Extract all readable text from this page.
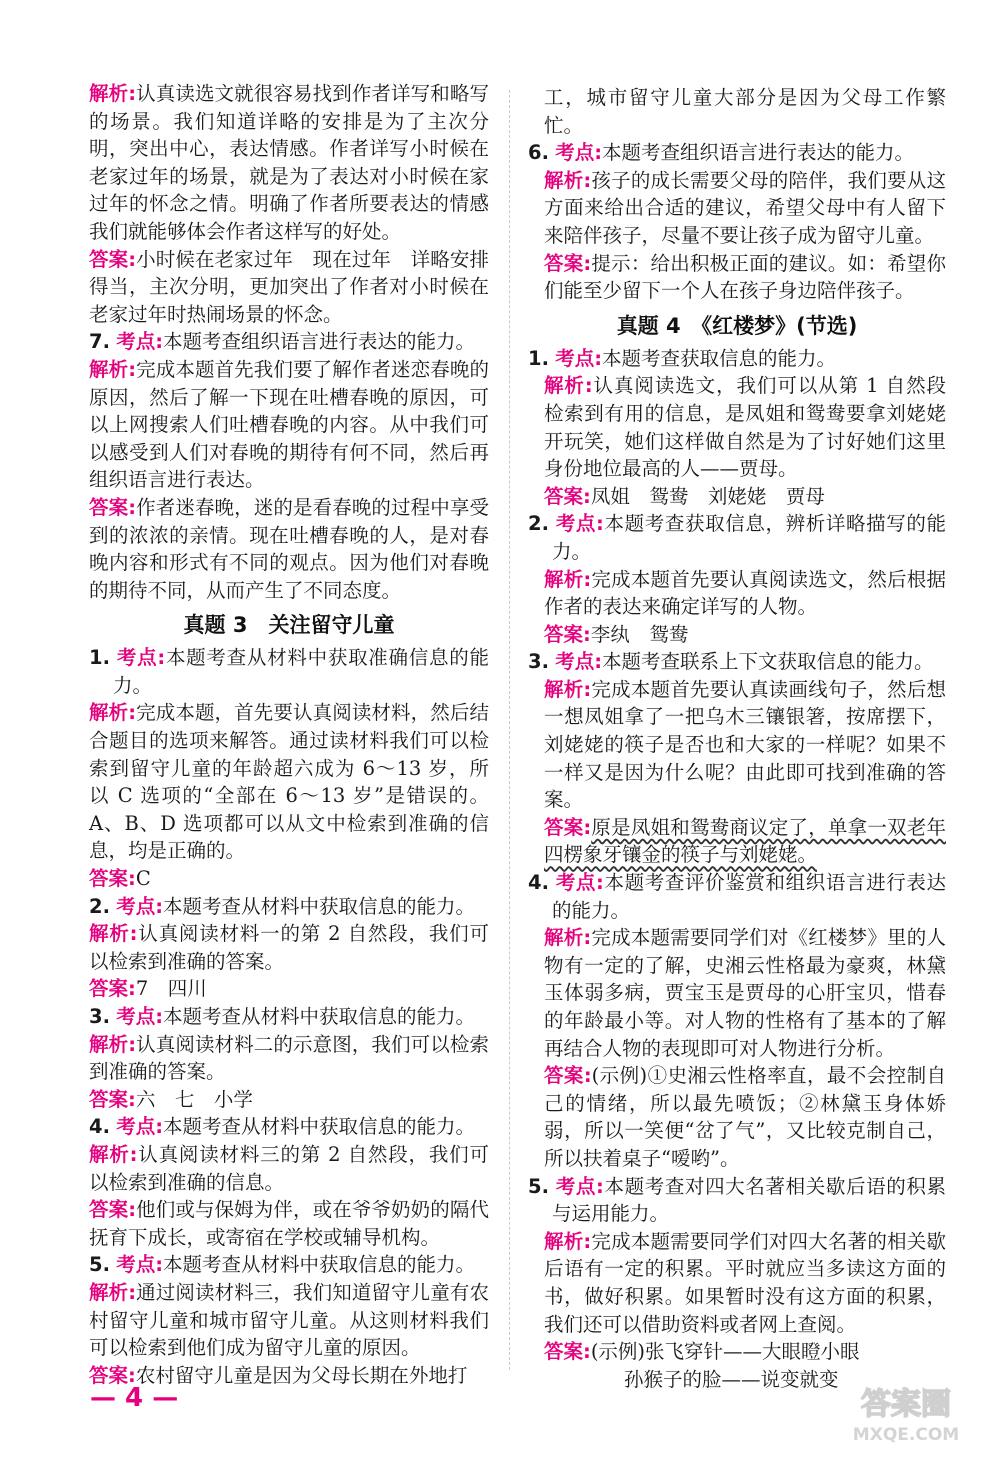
解析:认真读选文就很容易找到作者详写和略写的场景。我们知道详略的安排是为了主次分明，突出中心，表达情感。作者详写小时候在老家过年的场景，就是为了表达对小时候在家过年的怀念之情。明确了作者所要表达的情感我们就能够体会作者这样写的好处。

答案:小时候在老家过年　现在过年　详略安排得当，主次分明，更加突出了作者对小时候在老家过年时热闹场景的怀念。

7. 考点:本题考查组织语言进行表达的能力。

解析:完成本题首先我们要了解作者迷恋春晚的原因，然后了解一下现在吐槽春晚的原因，可以上网搜索人们吐槽春晚的内容。从中我们可以感受到人们对春晚的期待有何不同，然后再组织语言进行表达。

答案:作者迷春晚，迷的是看春晚的过程中享受到的浓浓的亲情。现在吐槽春晚的人，是对春晚内容和形式有不同的观点。因为他们对春晚的期待不同，从而产生了不同态度。

真题 3　关注留守儿童

1. 考点:本题考查从材料中获取准确信息的能力。

解析:完成本题，首先要认真阅读材料，然后结合题目的选项来解答。通过读材料我们可以检索到留守儿童的年龄超六成为 6～13 岁，所以 C 选项的“全部在 6～13 岁”是错误的。A、B、D 选项都可以从文中检索到准确的信息，均是正确的。

答案:C

2. 考点:本题考查从材料中获取信息的能力。

解析:认真阅读材料一的第 2 自然段，我们可以检索到准确的答案。

答案:7　四川

3. 考点:本题考查从材料中获取信息的能力。

解析:认真阅读材料二的示意图，我们可以检索到准确的答案。

答案:六　七　小学

4. 考点:本题考查从材料中获取信息的能力。

解析:认真阅读材料三的第 2 自然段，我们可以检索到准确的信息。

答案:他们或与保姆为伴，或在爷爷奶奶的隔代抚育下成长，或寄宿在学校或辅导机构。

5. 考点:本题考查从材料中获取信息的能力。

解析:通过阅读材料三，我们知道留守儿童有农村留守儿童和城市留守儿童。从这则材料我们可以检索到他们成为留守儿童的原因。

答案:农村留守儿童是因为父母长期在外地打

工，城市留守儿童大部分是因为父母工作繁忙。

6. 考点:本题考查组织语言进行表达的能力。

解析:孩子的成长需要父母的陪伴，我们要从这方面来给出合适的建议，希望父母中有人留下来陪伴孩子，尽量不要让孩子成为留守儿童。

答案:提示：给出积极正面的建议。如：希望你们能至少留下一个人在孩子身边陪伴孩子。

真题 4　《红楼梦》(节选)

1. 考点:本题考查获取信息的能力。

解析:认真阅读选文，我们可以从第 1 自然段检索到有用的信息，是凤姐和鸳鸯要拿刘姥姥开玩笑，她们这样做自然是为了讨好她们这里身份地位最高的人——贾母。

答案:凤姐　鸳鸯　刘姥姥　贾母

2. 考点:本题考查获取信息，辨析详略描写的能力。

解析:完成本题首先要认真阅读选文，然后根据作者的表达来确定详写的人物。

答案:李纨　鸳鸯

3. 考点:本题考查联系上下文获取信息的能力。

解析:完成本题首先要认真读画线句子，然后想一想凤姐拿了一把乌木三镶银箸，按席摆下，刘姥姥的筷子是否也和大家的一样呢？如果不一样又是因为什么呢？由此即可找到准确的答案。

答案:原是凤姐和鸳鸯商议定了，单拿一双老年四楞象牙镶金的筷子与刘姥姥。

4. 考点:本题考查评价鉴赏和组织语言进行表达的能力。

解析:完成本题需要同学们对《红楼梦》里的人物有一定的了解，史湘云性格最为豪爽，林黛玉体弱多病，贾宝玉是贾母的心肝宝贝，惜春的年龄最小等。对人物的性格有了基本的了解再结合人物的表现即可对人物进行分析。

答案:(示例)①史湘云性格率直，最不会控制自己的情绪，所以最先喷饭；②林黛玉身体娇弱，所以一笑便“岔了气”，又比较克制自己，所以扶着桌子“嗳哟”。

5. 考点:本题考查对四大名著相关歇后语的积累与运用能力。

解析:完成本题需要同学们对四大名著的相关歇后语有一定的积累。平时就应当多读这方面的书，做好积累。如果暂时没有这方面的积累，我们还可以借助资料或者网上查阅。

答案:(示例)张飞穿针——大眼瞪小眼

孙猴子的脸——说变就变

— 4 —	答案圈
MXQE.COM
